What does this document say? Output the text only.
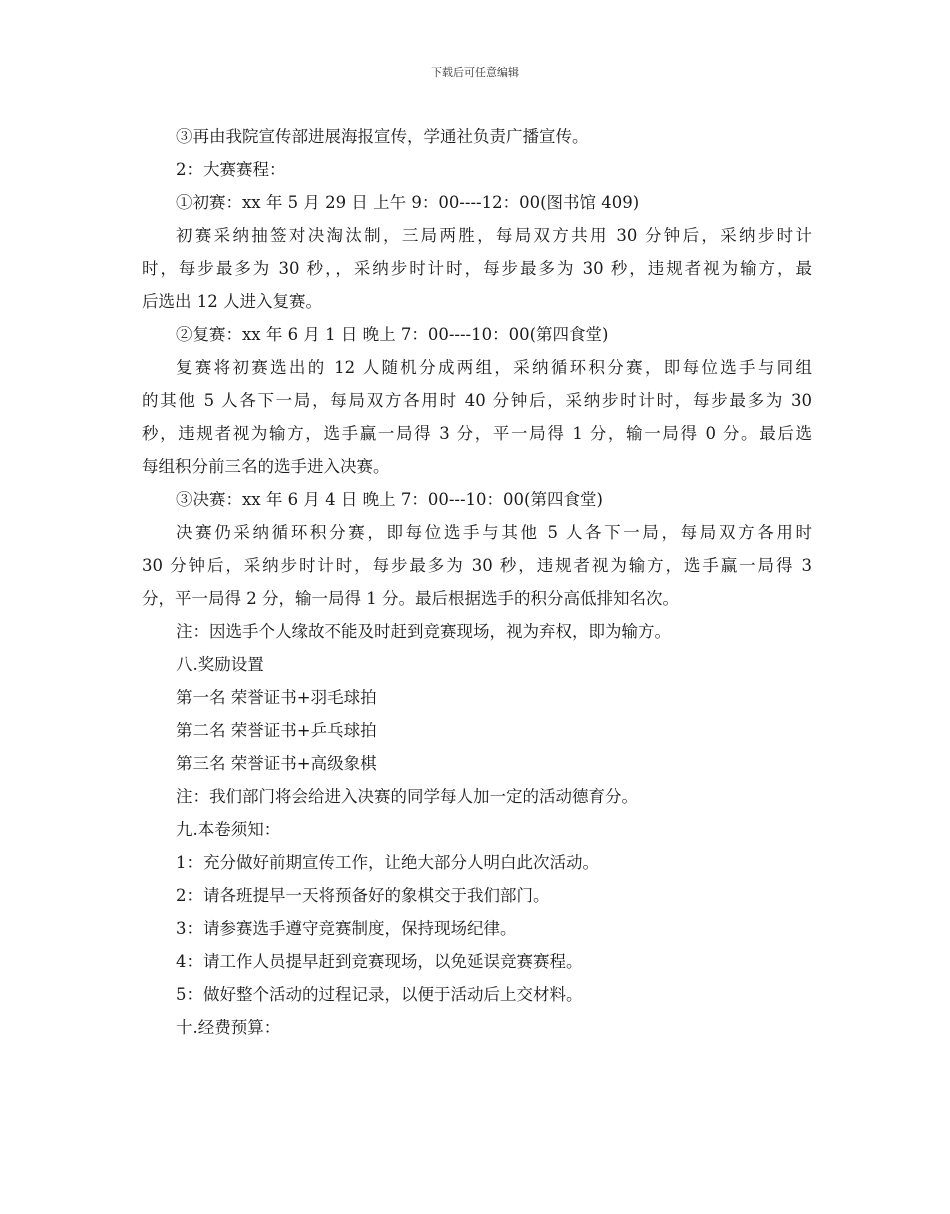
下载后可任意编辑
③再由我院宣传部进展海报宣传，学通社负责广播宣传。
2：大赛赛程：
①初赛：xx 年 5 月 29 日 上午 9：00----12：00(图书馆 409)
初赛采纳抽签对决淘汰制，三局两胜，每局双方共用 30 分钟后，采纳步时计
时，每步最多为 30 秒，，采纳步时计时，每步最多为 30 秒，违规者视为输方，最
后选出 12 人进入复赛。
②复赛：xx 年 6 月 1 日 晚上 7：00----10：00(第四食堂)
复赛将初赛选出的 12 人随机分成两组，采纳循环积分赛，即每位选手与同组
的其他 5 人各下一局，每局双方各用时 40 分钟后，采纳步时计时，每步最多为 30
秒，违规者视为输方，选手赢一局得 3 分，平一局得 1 分，输一局得 0 分。最后选
每组积分前三名的选手进入决赛。
③决赛：xx 年 6 月 4 日 晚上 7：00---10：00(第四食堂)
决赛仍采纳循环积分赛，即每位选手与其他 5 人各下一局，每局双方各用时
30 分钟后，采纳步时计时，每步最多为 30 秒，违规者视为输方，选手赢一局得 3
分，平一局得 2 分，输一局得 1 分。最后根据选手的积分高低排知名次。
注：因选手个人缘故不能及时赶到竞赛现场，视为弃权，即为输方。
八.奖励设置
第一名 荣誉证书+羽毛球拍
第二名 荣誉证书+乒乓球拍
第三名 荣誉证书+高级象棋
注：我们部门将会给进入决赛的同学每人加一定的活动德育分。
九.本卷须知：
1：充分做好前期宣传工作，让绝大部分人明白此次活动。
2：请各班提早一天将预备好的象棋交于我们部门。
3：请参赛选手遵守竞赛制度，保持现场纪律。
4：请工作人员提早赶到竞赛现场，以免延误竞赛赛程。
5：做好整个活动的过程记录，以便于活动后上交材料。
十.经费预算：
